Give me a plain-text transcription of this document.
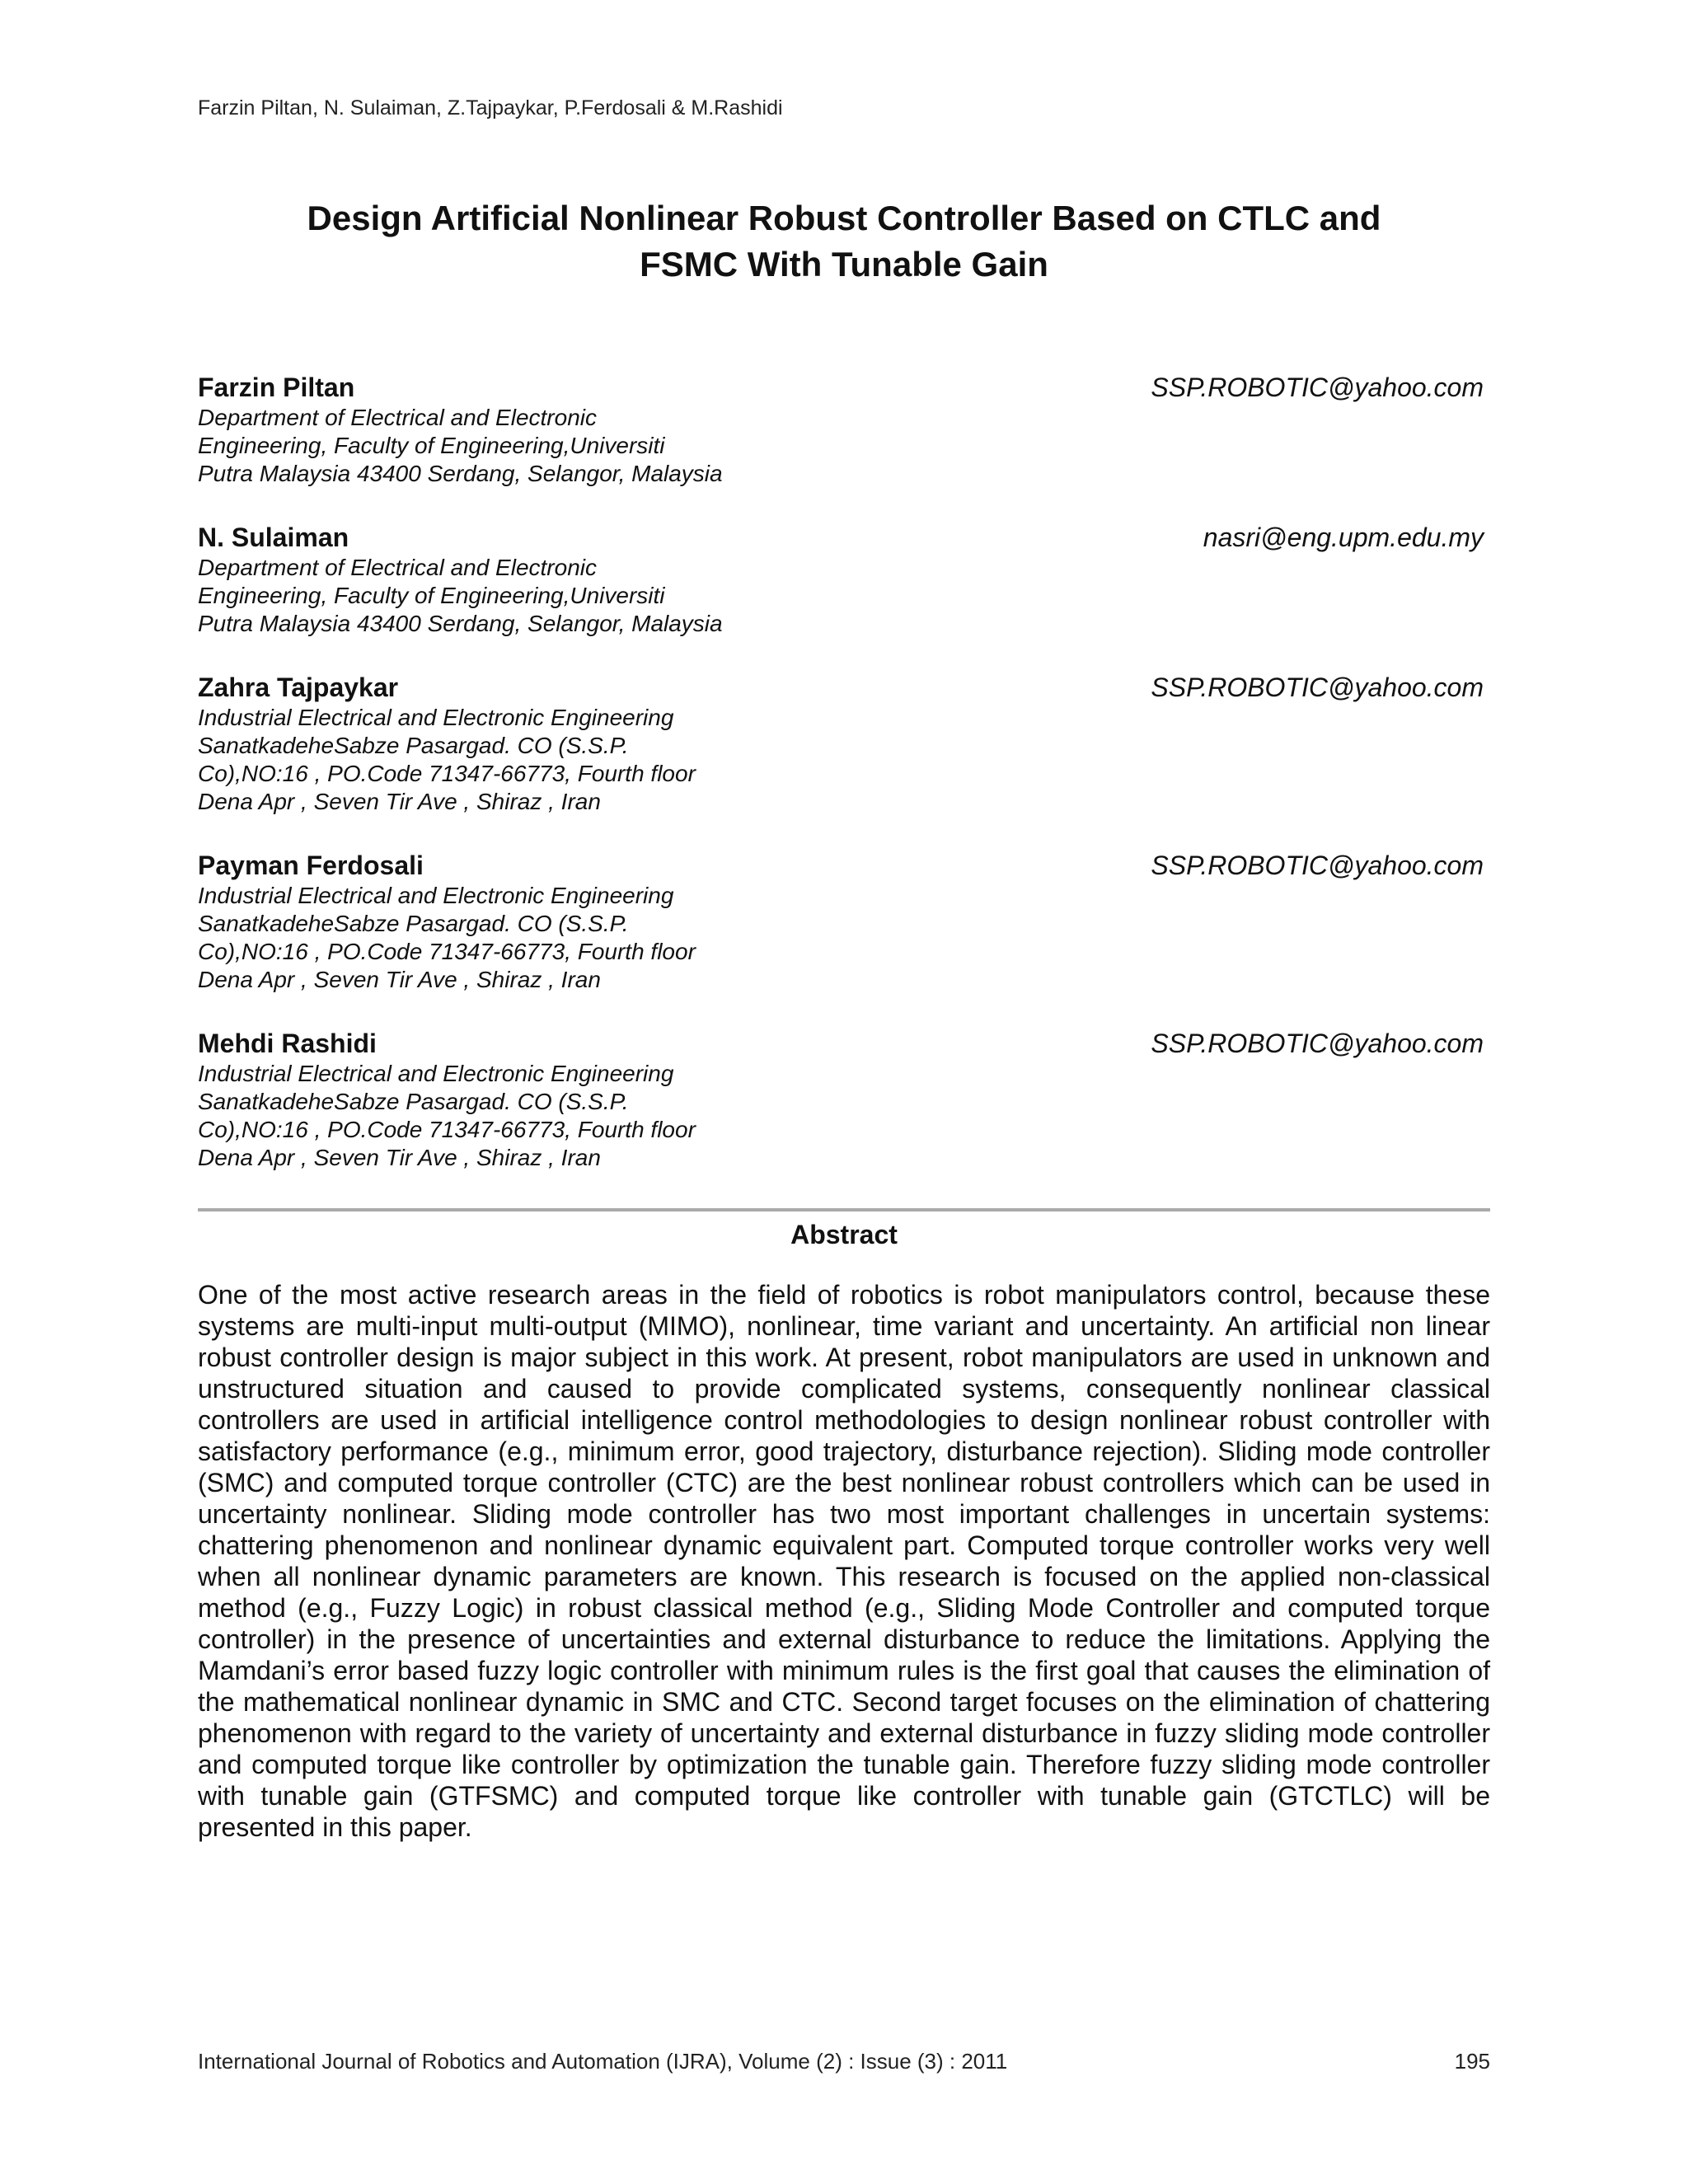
Farzin Piltan, N. Sulaiman, Z.Tajpaykar, P.Ferdosali & M.Rashidi
Design Artificial Nonlinear Robust Controller Based on CTLC and
FSMC With Tunable Gain
Farzin Piltan	SSP.ROBOTIC@yahoo.com
Department of Electrical and Electronic
Engineering, Faculty of Engineering,Universiti
Putra Malaysia 43400 Serdang, Selangor, Malaysia
N. Sulaiman	nasri@eng.upm.edu.my
Department of Electrical and Electronic
Engineering, Faculty of Engineering,Universiti
Putra Malaysia 43400 Serdang, Selangor, Malaysia
Zahra Tajpaykar	SSP.ROBOTIC@yahoo.com
Industrial Electrical and Electronic Engineering
SanatkadeheSabze Pasargad. CO (S.S.P.
Co),NO:16 , PO.Code 71347-66773, Fourth floor
Dena Apr , Seven Tir Ave , Shiraz , Iran
Payman Ferdosali	SSP.ROBOTIC@yahoo.com
Industrial Electrical and Electronic Engineering
SanatkadeheSabze Pasargad. CO (S.S.P.
Co),NO:16 , PO.Code 71347-66773, Fourth floor
Dena Apr , Seven Tir Ave , Shiraz , Iran
Mehdi Rashidi	SSP.ROBOTIC@yahoo.com
Industrial Electrical and Electronic Engineering
SanatkadeheSabze Pasargad. CO (S.S.P.
Co),NO:16 , PO.Code 71347-66773, Fourth floor
Dena Apr , Seven Tir Ave , Shiraz , Iran
Abstract
One of the most active research areas in the field of robotics is robot manipulators control, because these systems are multi-input multi-output (MIMO), nonlinear, time variant and uncertainty. An artificial non linear robust controller design is major subject in this work. At present, robot manipulators are used in unknown and unstructured situation and caused to provide complicated systems, consequently nonlinear classical controllers are used in artificial intelligence control methodologies to design nonlinear robust controller with satisfactory performance (e.g., minimum error, good trajectory, disturbance rejection). Sliding mode controller (SMC) and computed torque controller (CTC) are the best nonlinear robust controllers which can be used in uncertainty nonlinear. Sliding mode controller has two most important challenges in uncertain systems: chattering phenomenon and nonlinear dynamic equivalent part. Computed torque controller works very well when all nonlinear dynamic parameters are known. This research is focused on the applied non-classical method (e.g., Fuzzy Logic) in robust classical method (e.g., Sliding Mode Controller and computed torque controller) in the presence of uncertainties and external disturbance to reduce the limitations. Applying the Mamdani’s error based fuzzy logic controller with minimum rules is the first goal that causes the elimination of the mathematical nonlinear dynamic in SMC and CTC. Second target focuses on the elimination of chattering phenomenon with regard to the variety of uncertainty and external disturbance in fuzzy sliding mode controller and computed torque like controller by optimization the tunable gain. Therefore fuzzy sliding mode controller with tunable gain (GTFSMC) and computed torque like controller with tunable gain (GTCTLC) will be presented in this paper.
International Journal of Robotics and Automation (IJRA), Volume (2) : Issue (3) : 2011	195
